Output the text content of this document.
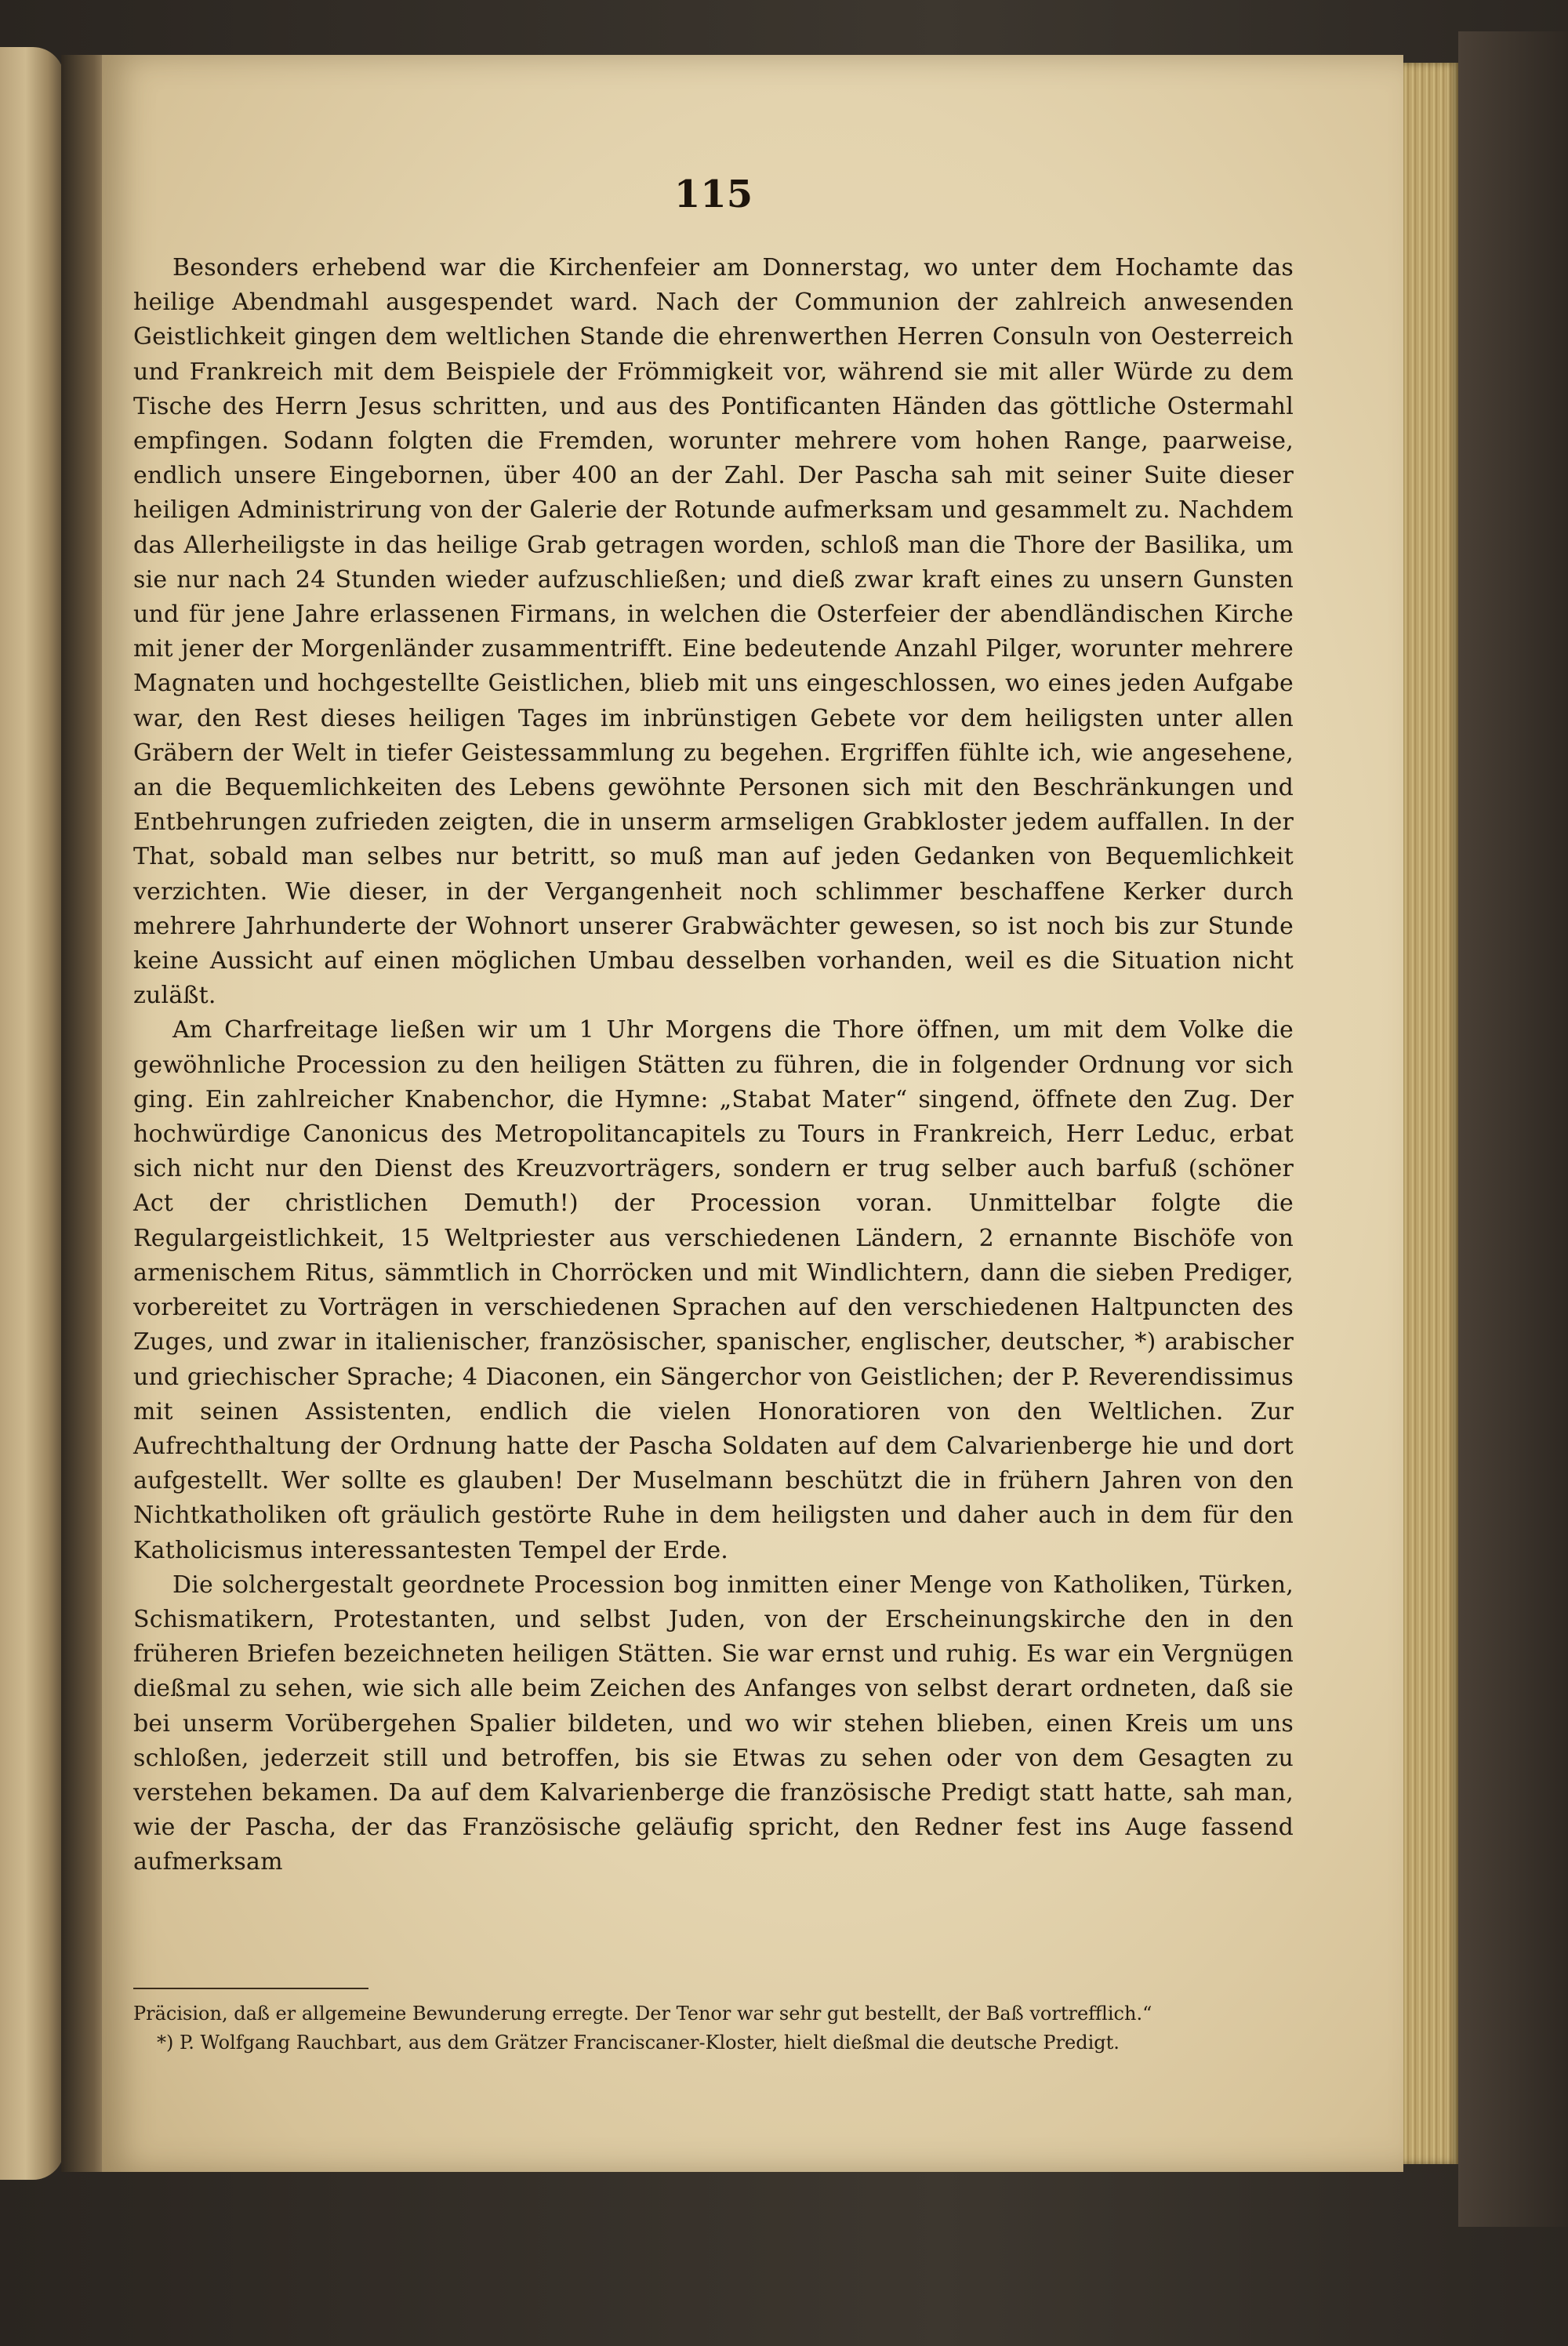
115

Besonders erhebend war die Kirchenfeier am Donnerstag, wo unter dem Hochamte das heilige Abendmahl ausgespendet ward. Nach der Communion der zahlreich anwesenden Geistlichkeit gingen dem weltlichen Stande die ehrenwerthen Herren Consuln von Oesterreich und Frankreich mit dem Beispiele der Frömmigkeit vor, während sie mit aller Würde zu dem Tische des Herrn Jesus schritten, und aus des Pontificanten Händen das göttliche Ostermahl empfingen. Sodann folgten die Fremden, worunter mehrere vom hohen Range, paarweise, endlich unsere Eingebornen, über 400 an der Zahl. Der Pascha sah mit seiner Suite dieser heiligen Administrirung von der Galerie der Rotunde aufmerksam und gesammelt zu. Nachdem das Allerheiligste in das heilige Grab getragen worden, schloß man die Thore der Basilika, um sie nur nach 24 Stunden wieder aufzuschließen; und dieß zwar kraft eines zu unsern Gunsten und für jene Jahre erlassenen Firmans, in welchen die Osterfeier der abendländischen Kirche mit jener der Morgenländer zusammentrifft. Eine bedeutende Anzahl Pilger, worunter mehrere Magnaten und hochgestellte Geistlichen, blieb mit uns eingeschlossen, wo eines jeden Aufgabe war, den Rest dieses heiligen Tages im inbrünstigen Gebete vor dem heiligsten unter allen Gräbern der Welt in tiefer Geistessammlung zu begehen. Ergriffen fühlte ich, wie angesehene, an die Bequemlichkeiten des Lebens gewöhnte Personen sich mit den Beschränkungen und Entbehrungen zufrieden zeigten, die in unserm armseligen Grabkloster jedem auffallen. In der That, sobald man selbes nur betritt, so muß man auf jeden Gedanken von Bequemlichkeit verzichten. Wie dieser, in der Vergangenheit noch schlimmer beschaffene Kerker durch mehrere Jahrhunderte der Wohnort unserer Grabwächter gewesen, so ist noch bis zur Stunde keine Aussicht auf einen möglichen Umbau desselben vorhanden, weil es die Situation nicht zuläßt.

Am Charfreitage ließen wir um 1 Uhr Morgens die Thore öffnen, um mit dem Volke die gewöhnliche Procession zu den heiligen Stätten zu führen, die in folgender Ordnung vor sich ging. Ein zahlreicher Knabenchor, die Hymne: „Stabat Mater“ singend, öffnete den Zug. Der hochwürdige Canonicus des Metropolitancapitels zu Tours in Frankreich, Herr Leduc, erbat sich nicht nur den Dienst des Kreuzvorträgers, sondern er trug selber auch barfuß (schöner Act der christlichen Demuth!) der Procession voran. Unmittelbar folgte die Regulargeistlichkeit, 15 Weltpriester aus verschiedenen Ländern, 2 ernannte Bischöfe von armenischem Ritus, sämmtlich in Chorröcken und mit Windlichtern, dann die sieben Prediger, vorbereitet zu Vorträgen in verschiedenen Sprachen auf den verschiedenen Haltpuncten des Zuges, und zwar in italienischer, französischer, spanischer, englischer, deutscher, *) arabischer und griechischer Sprache; 4 Diaconen, ein Sängerchor von Geistlichen; der P. Reverendissimus mit seinen Assistenten, endlich die vielen Honoratioren von den Weltlichen. Zur Aufrechthaltung der Ordnung hatte der Pascha Soldaten auf dem Calvarienberge hie und dort aufgestellt. Wer sollte es glauben! Der Muselmann beschützt die in frühern Jahren von den Nichtkatholiken oft gräulich gestörte Ruhe in dem heiligsten und daher auch in dem für den Katholicismus interessantesten Tempel der Erde.

Die solchergestalt geordnete Procession bog inmitten einer Menge von Katholiken, Türken, Schismatikern, Protestanten, und selbst Juden, von der Erscheinungskirche den in den früheren Briefen bezeichneten heiligen Stätten. Sie war ernst und ruhig. Es war ein Vergnügen dießmal zu sehen, wie sich alle beim Zeichen des Anfanges von selbst derart ordneten, daß sie bei unserm Vorübergehen Spalier bildeten, und wo wir stehen blieben, einen Kreis um uns schloßen, jederzeit still und betroffen, bis sie Etwas zu sehen oder von dem Gesagten zu verstehen bekamen. Da auf dem Kalvarienberge die französische Predigt statt hatte, sah man, wie der Pascha, der das Französische geläufig spricht, den Redner fest ins Auge fassend aufmerksam

Präcision, daß er allgemeine Bewunderung erregte. Der Tenor war sehr gut bestellt, der Baß vortrefflich.“

*) P. Wolfgang Rauchbart, aus dem Grätzer Franciscaner-Kloster, hielt dießmal die deutsche Predigt.
